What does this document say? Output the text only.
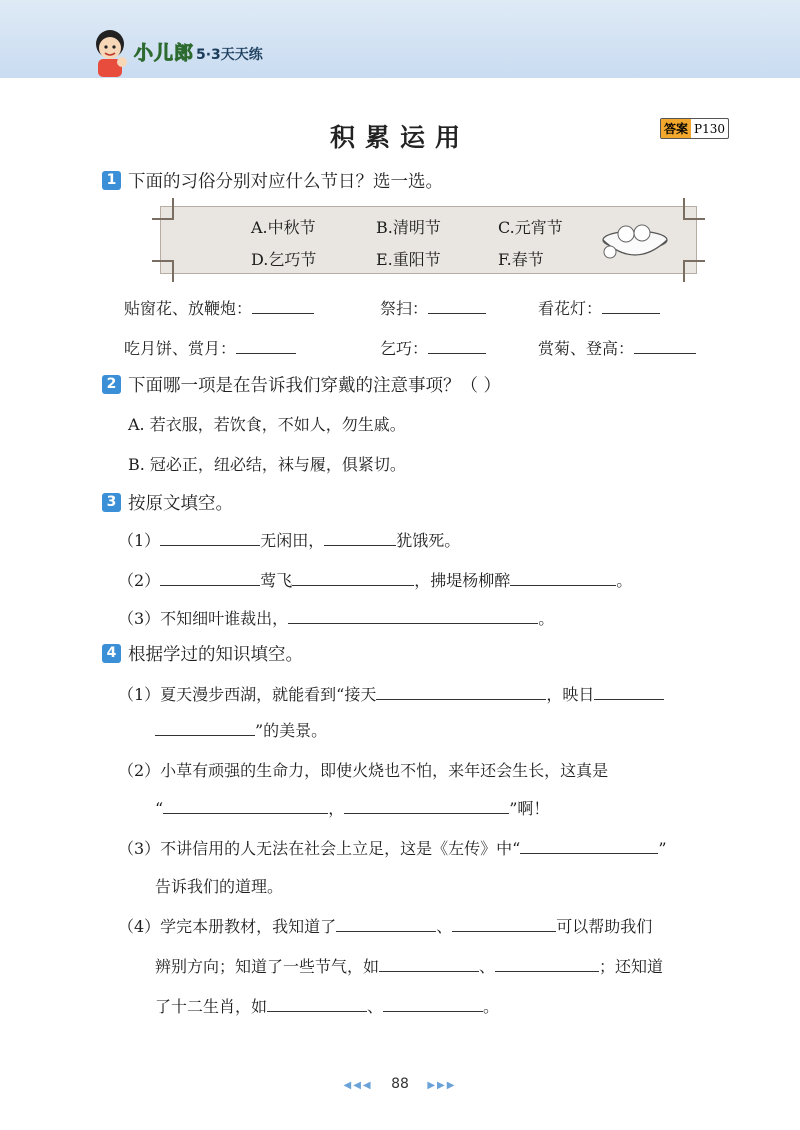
小儿郎 5·3天天练
积累运用	答案 P130
1 下面的习俗分别对应什么节日？选一选。
A.中秋节	B.清明节	C.元宵节
D.乞巧节	E.重阳节	F.春节
贴窗花、放鞭炮：	祭扫：	看花灯：
吃月饼、赏月：	乞巧：	赏菊、登高：
2 下面哪一项是在告诉我们穿戴的注意事项？（ ）
A. 若衣服，若饮食，不如人，勿生戚。
B. 冠必正，纽必结，袜与履，俱紧切。
3 按原文填空。
（1）	无闲田，	犹饿死。
（2）	莺飞	，拂堤杨柳醉	。
（3）不知细叶谁裁出，	。
4 根据学过的知识填空。
（1）夏天漫步西湖，就能看到“接天	，映日
”的美景。
（2）小草有顽强的生命力，即使火烧也不怕，来年还会生长，这真是
“	，	”啊！
（3）不讲信用的人无法在社会上立足，这是《左传》中“	”
告诉我们的道理。
（4）学完本册教材，我知道了	、	可以帮助我们
辨别方向；知道了一些节气，如	、	；还知道
了十二生肖，如	、	。
◀◀◀ 88 ▶▶▶
